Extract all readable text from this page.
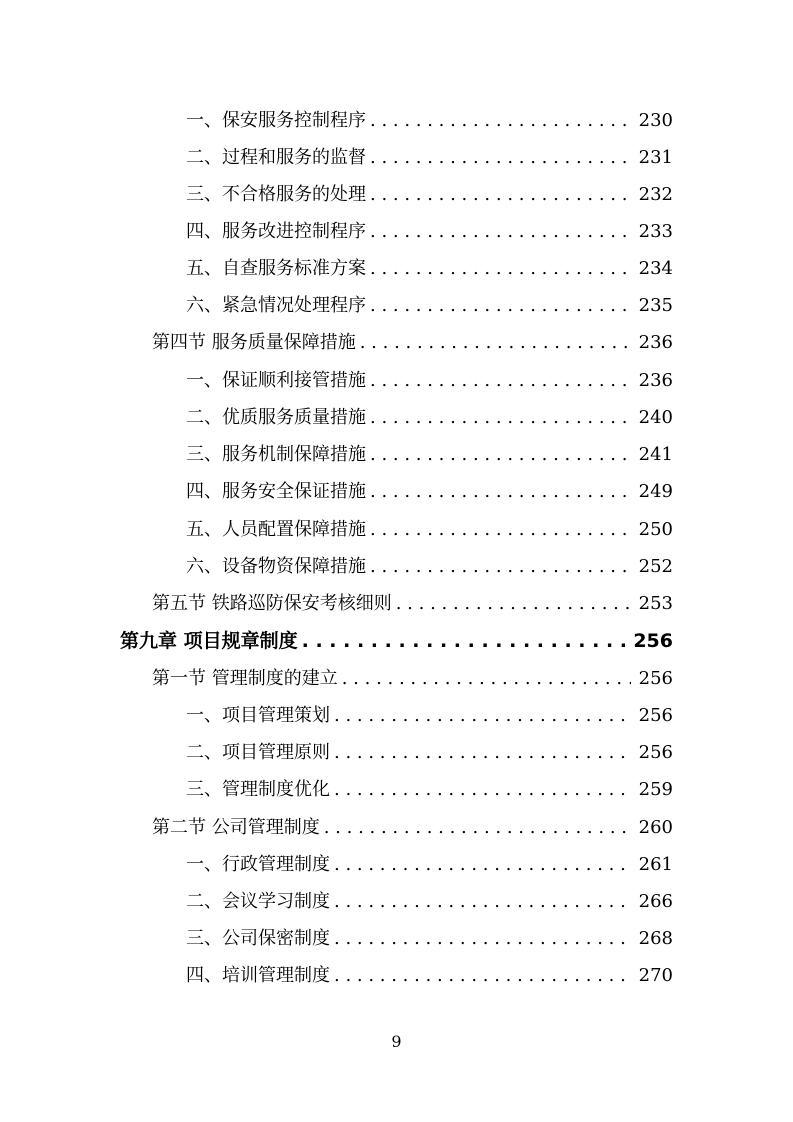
一、保安服务控制程序 . . .	230
二、过程和服务的监督 . . .	231
三、不合格服务的处理 . . .	232
四、服务改进控制程序 . . .	233
五、自查服务标准方案 . . .	234
六、紧急情况处理程序 . . .	235
第四节 服务质量保障措施 . . .	236
一、保证顺利接管措施 . . .	236
二、优质服务质量措施 . . .	240
三、服务机制保障措施 . . .	241
四、服务安全保证措施 . . .	249
五、人员配置保障措施 . . .	250
六、设备物资保障措施 . . .	252
第五节 铁路巡防保安考核细则 . . .	253
第九章 项目规章制度 . . .	256
第一节 管理制度的建立 . . .	256
一、项目管理策划 . . .	256
二、项目管理原则 . . .	256
三、管理制度优化 . . .	259
第二节 公司管理制度 . . .	260
一、行政管理制度 . . .	261
二、会议学习制度 . . .	266
三、公司保密制度 . . .	268
四、培训管理制度 . . .	270
9
